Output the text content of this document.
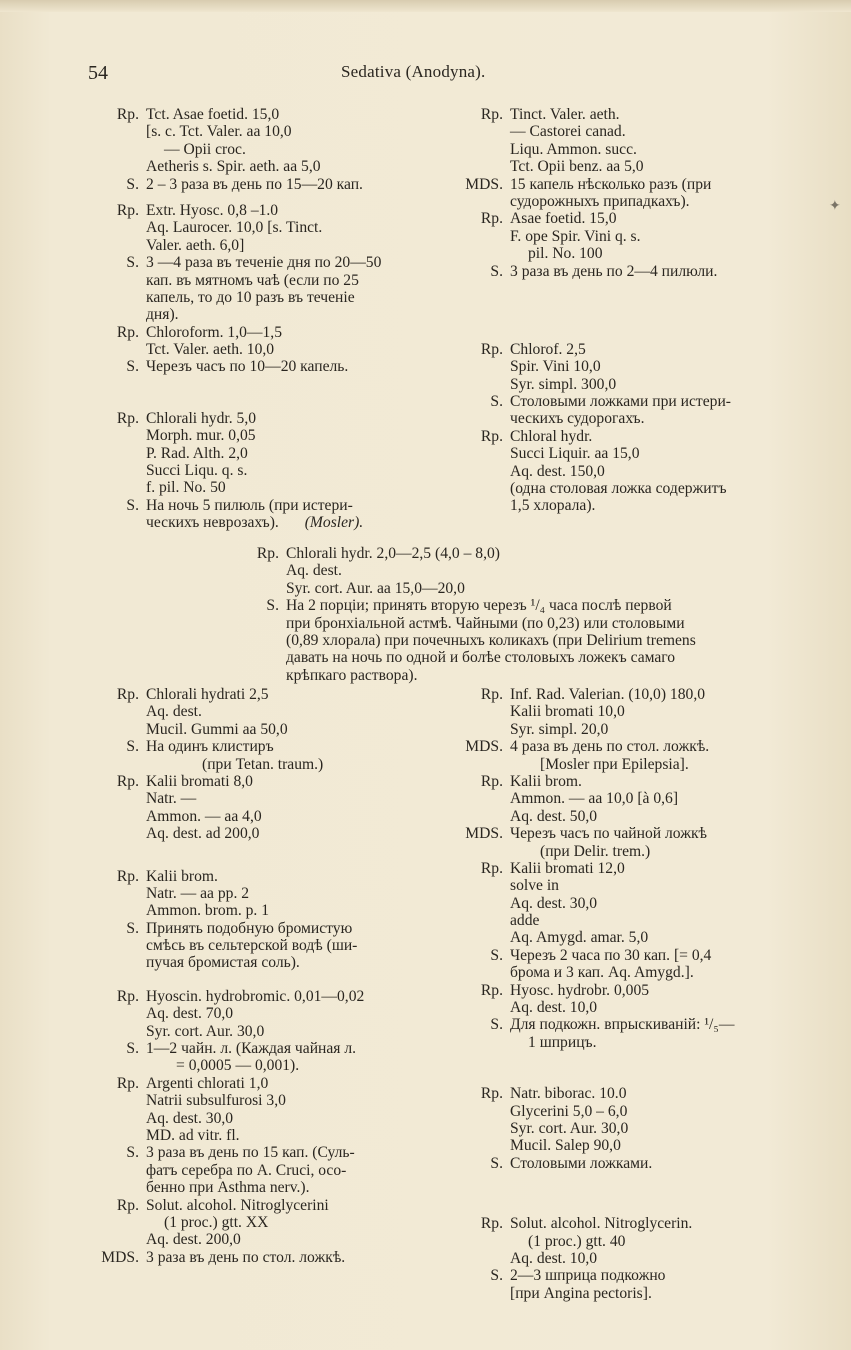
54	Sedativa (Anodyna).
✦
Rp. Tct. Asae foetid. 15,0
[s. c. Tct. Valer. aa 10,0
— Opii croc.
Aetheris s. Spir. aeth. aa 5,0
S. 2 – 3 раза въ день по 15—20 кап.
Rp. Extr. Hyosc. 0,8 –1.0
Aq. Laurocer. 10,0 [s. Tinct.
Valer. aeth. 6,0]
S. 3 —4 раза въ теченіе дня по 20—50
кап. въ мятномъ чаѣ (если по 25
капель, то до 10 разъ въ теченіе
дня).
Rp. Chloroform. 1,0—1,5
Tct. Valer. aeth. 10,0
S. Черезъ часъ по 10—20 капель.
Rp. Chlorali hydr. 5,0
Morph. mur. 0,05
P. Rad. Alth. 2,0
Succi Liqu. q. s.
f. pil. No. 50
S. На ночь 5 пилюль (при истери-
ческихъ неврозахъ). (Mosler).
Rp. Tinct. Valer. aeth.
— Castorei canad.
Liqu. Ammon. succ.
Tct. Opii benz. aa 5,0
MDS. 15 капель нѣсколько разъ (при
судорожныхъ припадкахъ).
Rp. Asae foetid. 15,0
F. ope Spir. Vini q. s.
pil. No. 100
S. 3 раза въ день по 2—4 пилюли.
Rp. Chlorof. 2,5
Spir. Vini 10,0
Syr. simpl. 300,0
S. Столовыми ложками при истери-
ческихъ судорогахъ.
Rp. Chloral hydr.
Succi Liquir. aa 15,0
Aq. dest. 150,0
(одна столовая ложка содержитъ
1,5 хлорала).
Rp. Chlorali hydr. 2,0—2,5 (4,0 – 8,0)
Aq. dest.
Syr. cort. Aur. aa 15,0—20,0
S. На 2 порціи; принять вторую черезъ ¹/₄ часа послѣ первой
при бронхіальной астмѣ. Чайными (по 0,23) или столовыми
(0,89 хлорала) при почечныхъ коликахъ (при Delirium tremens
давать на ночь по одной и болѣе столовыхъ ложекъ самаго
крѣпкаго раствора).
Rp. Chlorali hydrati 2,5
Aq. dest.
Mucil. Gummi aa 50,0
S. На одинъ клистиръ
(при Tetan. traum.)
Rp. Kalii bromati 8,0
Natr. —
Ammon. — aa 4,0
Aq. dest. ad 200,0
Rp. Kalii brom.
Natr. — aa pp. 2
Ammon. brom. p. 1
S. Принять подобную бромистую
смѣсь въ сельтерской водѣ (ши-
пучая бромистая соль).
Rp. Hyoscin. hydrobromic. 0,01—0,02
Aq. dest. 70,0
Syr. cort. Aur. 30,0
S. 1—2 чайн. л. (Каждая чайная л.
= 0,0005 — 0,001).
Rp. Argenti chlorati 1,0
Natrii subsulfurosi 3,0
Aq. dest. 30,0
MD. ad vitr. fl.
S. 3 раза въ день по 15 кап. (Суль-
фатъ серебра по A. Cruci, осо-
бенно при Asthma nerv.).
Rp. Solut. alcohol. Nitroglycerini
(1 proc.) gtt. XX
Aq. dest. 200,0
MDS. 3 раза въ день по стол. ложкѣ.
Rp. Inf. Rad. Valerian. (10,0) 180,0
Kalii bromati 10,0
Syr. simpl. 20,0
MDS. 4 раза въ день по стол. ложкѣ.
[Mosler при Epilepsia].
Rp. Kalii brom.
Ammon. — aa 10,0 [à 0,6]
Aq. dest. 50,0
MDS. Черезъ часъ по чайной ложкѣ
(при Delir. trem.)
Rp. Kalii bromati 12,0
solve in
Aq. dest. 30,0
adde
Aq. Amygd. amar. 5,0
S. Черезъ 2 часа по 30 кап. [= 0,4
брома и 3 кап. Aq. Amygd.].
Rp. Hyosc. hydrobr. 0,005
Aq. dest. 10,0
S. Для подкожн. впрыскиваній: ¹/₅—
1 шприцъ.
Rp. Natr. biborac. 10.0
Glycerini 5,0 – 6,0
Syr. cort. Aur. 30,0
Mucil. Salep 90,0
S. Столовыми ложками.
Rp. Solut. alcohol. Nitroglycerin.
(1 proc.) gtt. 40
Aq. dest. 10,0
S. 2—3 шприца подкожно
[при Angina pectoris].
